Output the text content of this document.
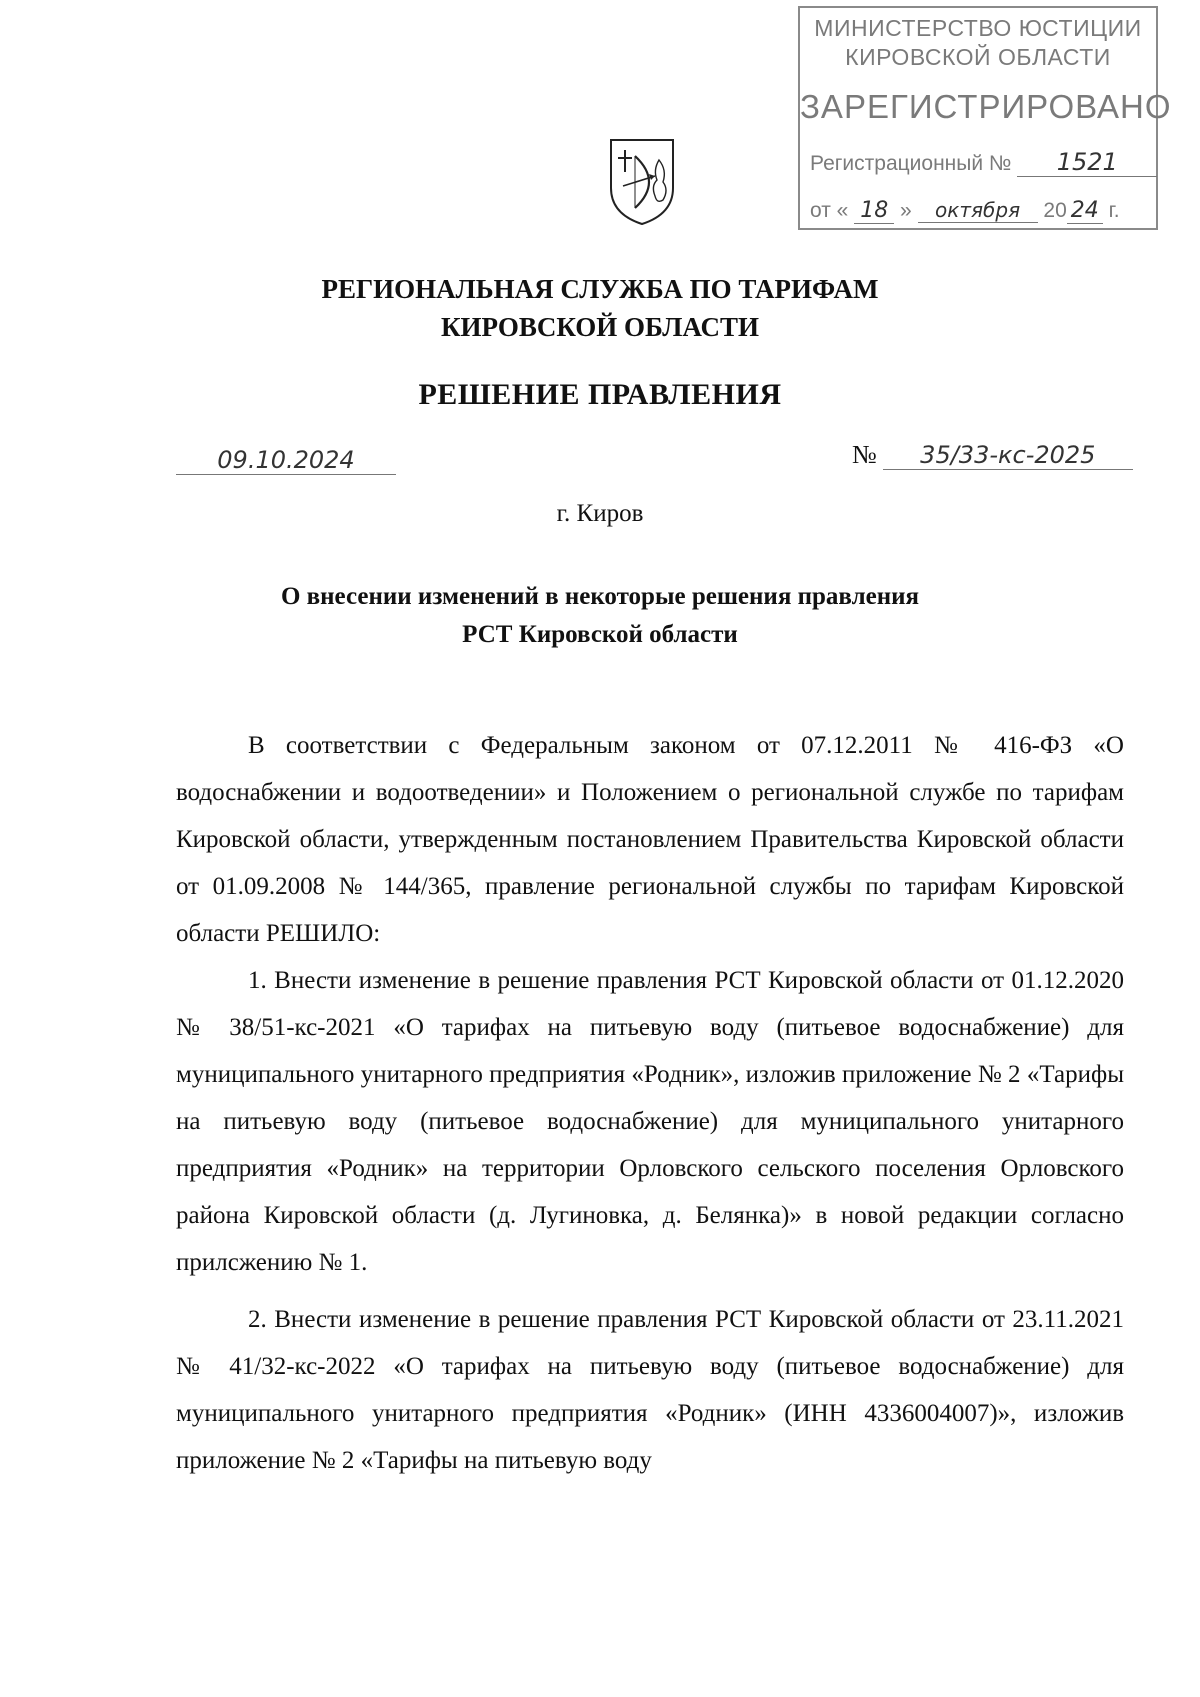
МИНИСТЕРСТВО ЮСТИЦИИ
КИРОВСКОЙ ОБЛАСТИ
ЗАРЕГИСТРИРОВАНО
Регистрационный № 1521
от « 18 » октября 20 24 г.
РЕГИОНАЛЬНАЯ СЛУЖБА ПО ТАРИФАМ
КИРОВСКОЙ ОБЛАСТИ
РЕШЕНИЕ ПРАВЛЕНИЯ
09.10.2024	№ 35/33-кс-2025
г. Киров
О внесении изменений в некоторые решения правления
РСТ Кировской области

В соответствии с Федеральным законом от 07.12.2011 № 416-ФЗ «О водоснабжении и водоотведении» и Положением о региональной службе по тарифам Кировской области, утвержденным постановлением Правительства Кировской области от 01.09.2008 № 144/365, правление региональной службы по тарифам Кировской области РЕШИЛО:

1. Внести изменение в решение правления РСТ Кировской области от 01.12.2020 № 38/51-кс-2021 «О тарифах на питьевую воду (питьевое водоснабжение) для муниципального унитарного предприятия «Родник», изложив приложение № 2 «Тарифы на питьевую воду (питьевое водоснабжение) для муниципального унитарного предприятия «Родник» на территории Орловского сельского поселения Орловского района Кировской области (д. Лугиновка, д. Белянка)» в новой редакции согласно прилсжению № 1.

2. Внести изменение в решение правления РСТ Кировской области от 23.11.2021 № 41/32-кс-2022 «О тарифах на питьевую воду (питьевое водоснабжение) для муниципального унитарного предприятия «Родник» (ИНН 4336004007)», изложив приложение № 2 «Тарифы на питьевую воду
